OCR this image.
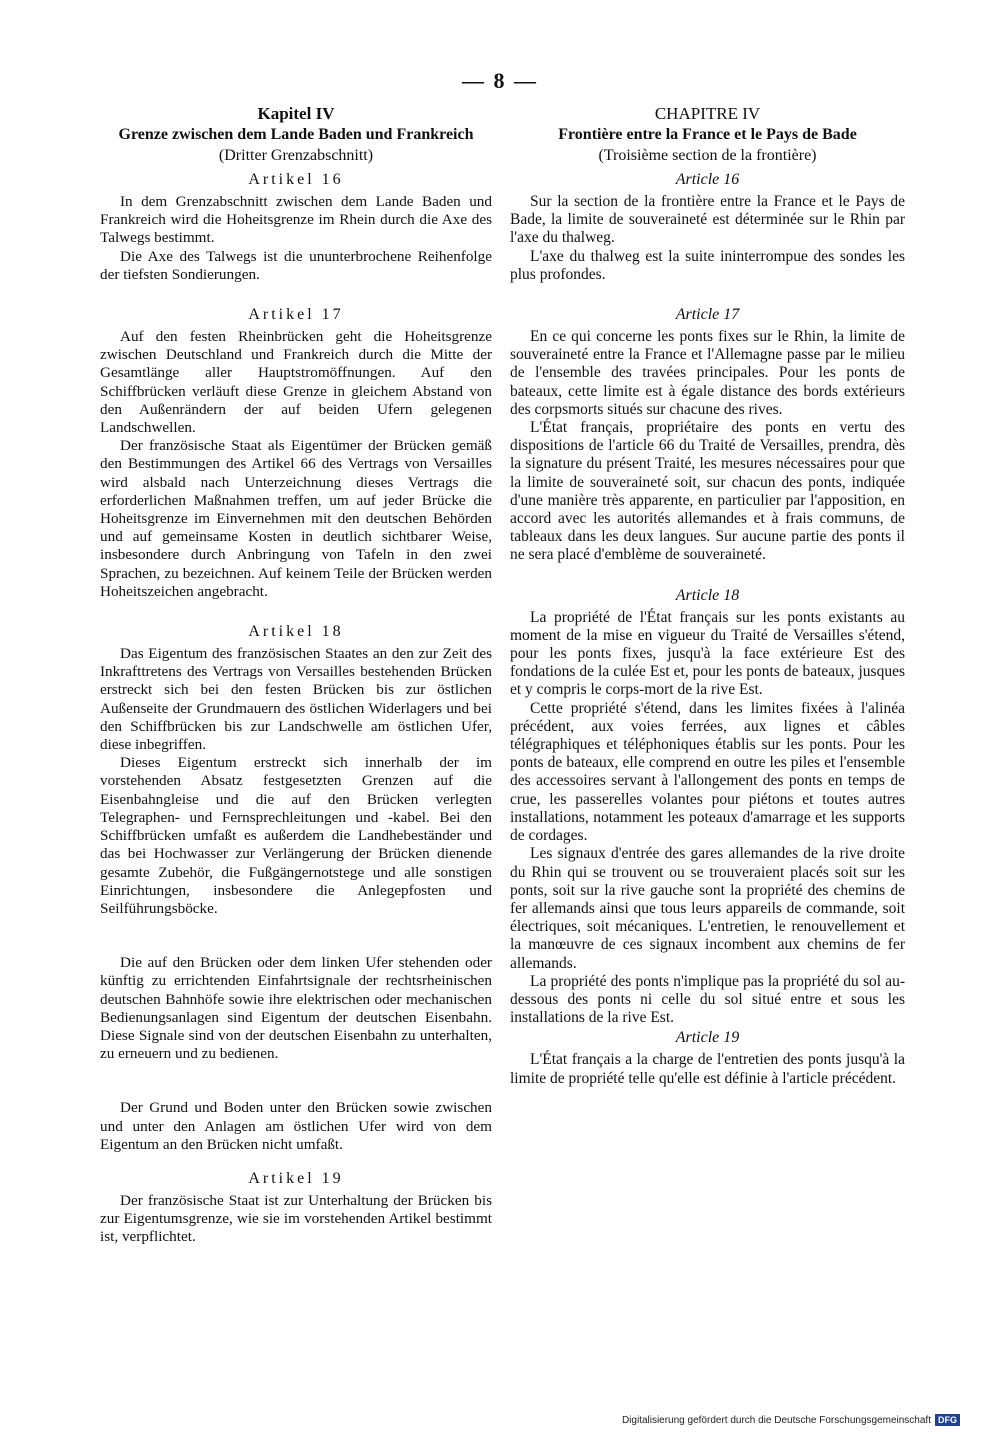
— 8 —
Kapitel IV
Grenze zwischen dem Lande Baden und Frankreich
(Dritter Grenzabschnitt)
Artikel 16

In dem Grenzabschnitt zwischen dem Lande Baden und Frankreich wird die Hoheitsgrenze im Rhein durch die Axe des Talwegs bestimmt.

Die Axe des Talwegs ist die ununterbrochene Reihenfolge der tiefsten Sondierungen.

Artikel 17

Auf den festen Rheinbrücken geht die Hoheitsgrenze zwischen Deutschland und Frankreich durch die Mitte der Gesamtlänge aller Hauptstromöffnungen. Auf den Schiffbrücken verläuft diese Grenze in gleichem Abstand von den Außenrändern der auf beiden Ufern gelegenen Landschwellen.

Der französische Staat als Eigentümer der Brücken gemäß den Bestimmungen des Artikel 66 des Vertrags von Versailles wird alsbald nach Unterzeichnung dieses Vertrags die erforderlichen Maßnahmen treffen, um auf jeder Brücke die Hoheitsgrenze im Einvernehmen mit den deutschen Behörden und auf gemeinsame Kosten in deutlich sichtbarer Weise, insbesondere durch Anbringung von Tafeln in den zwei Sprachen, zu bezeichnen. Auf keinem Teile der Brücken werden Hoheitszeichen angebracht.

Artikel 18

Das Eigentum des französischen Staates an den zur Zeit des Inkrafttretens des Vertrags von Versailles bestehenden Brücken erstreckt sich bei den festen Brücken bis zur östlichen Außenseite der Grundmauern des östlichen Widerlagers und bei den Schiffbrücken bis zur Landschwelle am östlichen Ufer, diese inbegriffen.

Dieses Eigentum erstreckt sich innerhalb der im vorstehenden Absatz festgesetzten Grenzen auf die Eisenbahngleise und die auf den Brücken verlegten Telegraphen- und Fernsprechleitungen und -kabel. Bei den Schiffbrücken umfaßt es außerdem die Landhebeständer und das bei Hochwasser zur Verlängerung der Brücken dienende gesamte Zubehör, die Fußgängernotstege und alle sonstigen Einrichtungen, insbesondere die Anlegepfosten und Seilführungsböcke.

Die auf den Brücken oder dem linken Ufer stehenden oder künftig zu errichtenden Einfahrtsignale der rechtsrheinischen deutschen Bahnhöfe sowie ihre elektrischen oder mechanischen Bedienungsanlagen sind Eigentum der deutschen Eisenbahn. Diese Signale sind von der deutschen Eisenbahn zu unterhalten, zu erneuern und zu bedienen.

Der Grund und Boden unter den Brücken sowie zwischen und unter den Anlagen am östlichen Ufer wird von dem Eigentum an den Brücken nicht umfaßt.

Artikel 19

Der französische Staat ist zur Unterhaltung der Brücken bis zur Eigentumsgrenze, wie sie im vorstehenden Artikel bestimmt ist, verpflichtet.

CHAPITRE IV
Frontière entre la France et le Pays de Bade
(Troisième section de la frontière)
Article 16

Sur la section de la frontière entre la France et le Pays de Bade, la limite de souveraineté est déterminée sur le Rhin par l'axe du thalweg.

L'axe du thalweg est la suite ininterrompue des sondes les plus profondes.

Article 17

En ce qui concerne les ponts fixes sur le Rhin, la limite de souveraineté entre la France et l'Allemagne passe par le milieu de l'ensemble des travées principales. Pour les ponts de bateaux, cette limite est à égale distance des bords extérieurs des corpsmorts situés sur chacune des rives.

L'État français, propriétaire des ponts en vertu des dispositions de l'article 66 du Traité de Versailles, prendra, dès la signature du présent Traité, les mesures nécessaires pour que la limite de souveraineté soit, sur chacun des ponts, indiquée d'une manière très apparente, en particulier par l'apposition, en accord avec les autorités allemandes et à frais communs, de tableaux dans les deux langues. Sur aucune partie des ponts il ne sera placé d'emblème de souveraineté.

Article 18

La propriété de l'État français sur les ponts existants au moment de la mise en vigueur du Traité de Versailles s'étend, pour les ponts fixes, jusqu'à la face extérieure Est des fondations de la culée Est et, pour les ponts de bateaux, jusques et y compris le corps-mort de la rive Est.

Cette propriété s'étend, dans les limites fixées à l'alinéa précédent, aux voies ferrées, aux lignes et câbles télégraphiques et téléphoniques établis sur les ponts. Pour les ponts de bateaux, elle comprend en outre les piles et l'ensemble des accessoires servant à l'allongement des ponts en temps de crue, les passerelles volantes pour piétons et toutes autres installations, notamment les poteaux d'amarrage et les supports de cordages.

Les signaux d'entrée des gares allemandes de la rive droite du Rhin qui se trouvent ou se trouveraient placés soit sur les ponts, soit sur la rive gauche sont la propriété des chemins de fer allemands ainsi que tous leurs appareils de commande, soit électriques, soit mécaniques. L'entretien, le renouvellement et la manœuvre de ces signaux incombent aux chemins de fer allemands.

La propriété des ponts n'implique pas la propriété du sol au-dessous des ponts ni celle du sol situé entre et sous les installations de la rive Est.

Article 19

L'État français a la charge de l'entretien des ponts jusqu'à la limite de propriété telle qu'elle est définie à l'article précédent.

Digitalisierung gefördert durch die Deutsche Forschungsgemeinschaft DFG
